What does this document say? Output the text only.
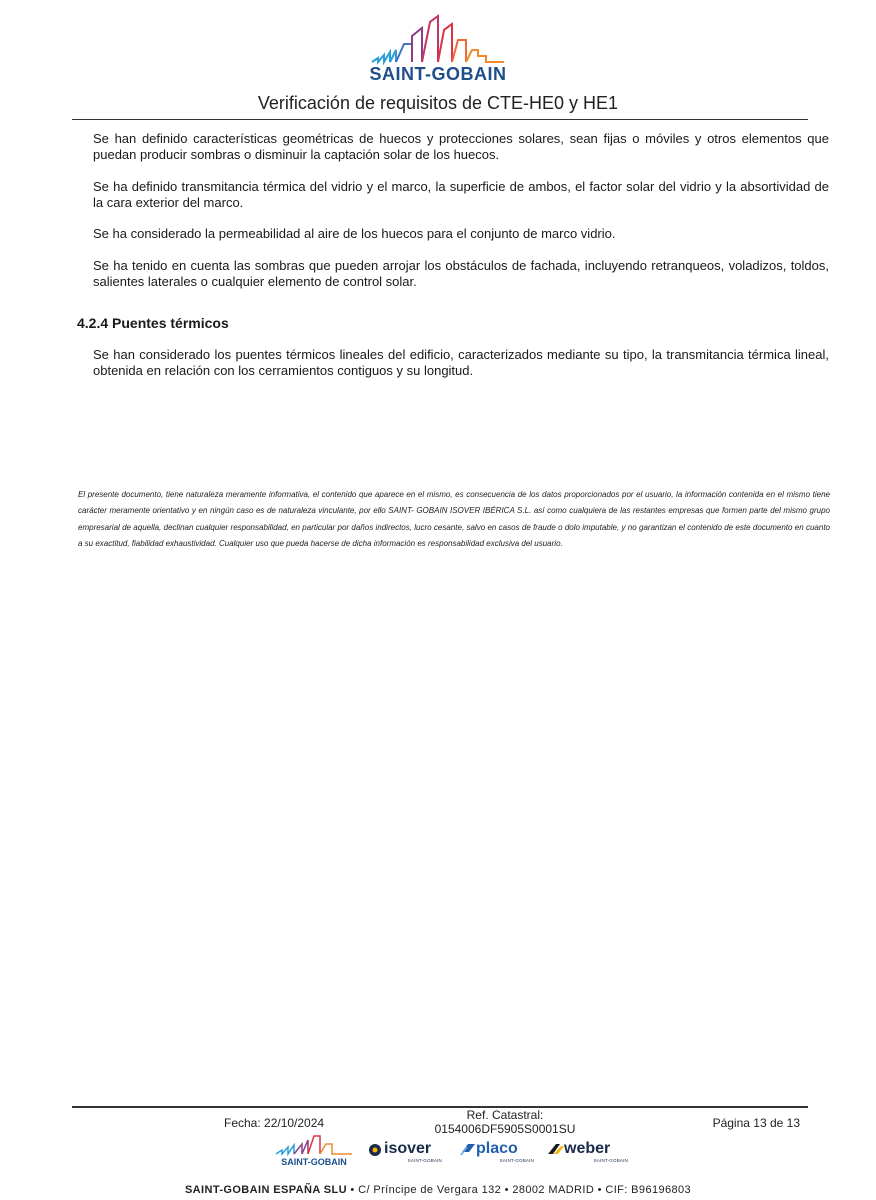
SAINT-GOBAIN
Verificación de requisitos de CTE-HE0 y HE1

Se han definido características geométricas de huecos y protecciones solares, sean fijas o móviles y otros elementos que puedan producir sombras o disminuir la captación solar de los huecos.

Se ha definido transmitancia térmica del vidrio y el marco, la superficie de ambos, el factor solar del vidrio y la absortividad de la cara exterior del marco.

Se ha considerado la permeabilidad al aire de los huecos para el conjunto de marco vidrio.

Se ha tenido en cuenta las sombras que pueden arrojar los obstáculos de fachada, incluyendo retranqueos, voladizos, toldos, salientes laterales o cualquier elemento de control solar.

4.2.4 Puentes térmicos

Se han considerado los puentes térmicos lineales del edificio, caracterizados mediante su tipo, la transmitancia térmica lineal, obtenida en relación con los cerramientos contiguos y su longitud.

El presente documento, tiene naturaleza meramente informativa, el contenido que aparece en el mismo, es consecuencia de los datos proporcionados por el usuario, la información contenida en el mismo tiene carácter meramente orientativo y en ningún caso es de naturaleza vinculante, por ello SAINT- GOBAIN ISOVER IBÉRICA S.L. así como cualquiera de las restantes empresas que formen parte del mismo grupo empresarial de aquella, declinan cualquier responsabilidad, en particular por daños indirectos, lucro cesante, salvo en casos de fraude o dolo imputable, y no garantizan el contenido de este documento en cuanto a su exactitud, fiabilidad exhaustividad. Cualquier uso que pueda hacerse de dicha información es responsabilidad exclusiva del usuario.

Fecha: 22/10/2024
Ref. Catastral:
0154006DF5905S0001SU	Página 13 de 13
SAINT-GOBAIN
isover
SAINT-GOBAIN
placo
SAINT-GOBAIN
weber
SAINT-GOBAIN
SAINT-GOBAIN ESPAÑA SLU • C/ Príncipe de Vergara 132 • 28002 MADRID • CIF: B96196803
